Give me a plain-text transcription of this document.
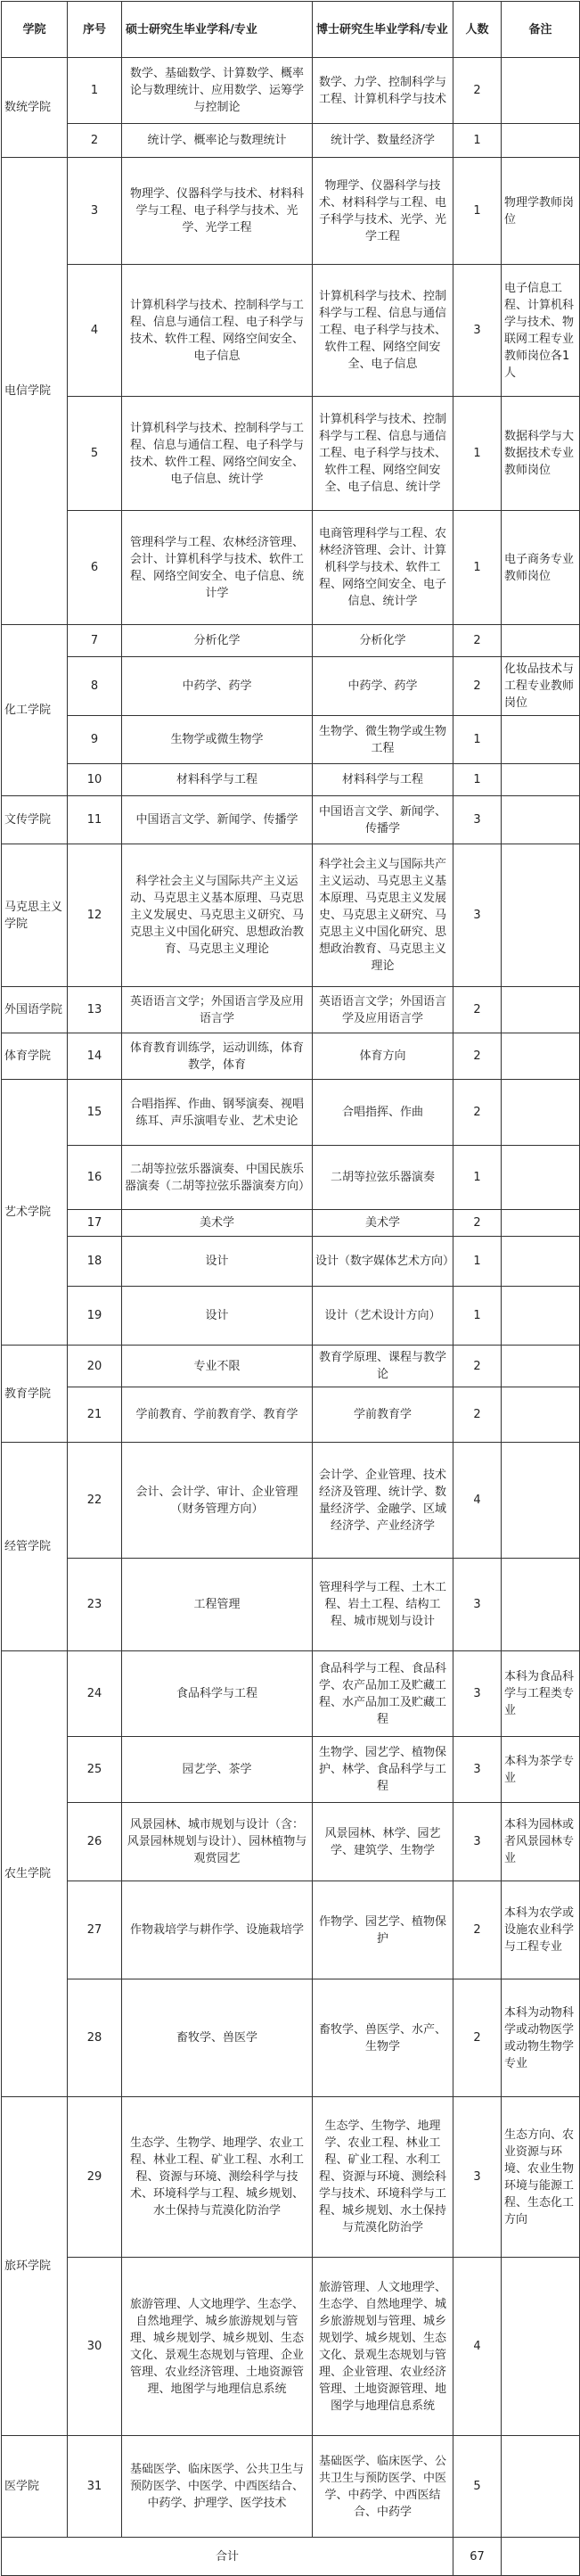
学院	序号	硕士研究生毕业学科/专业	博士研究生毕业学科/专业	人数	备注
数统学院	1	数学、基础数学、计算数学、概率论与数理统计、应用数学、运筹学与控制论	数学、力学、控制科学与工程、计算机科学与技术	2	
	2	统计学、概率论与数理统计	统计学、数量经济学	1	
电信学院	3	物理学、仪器科学与技术、材料科学与工程、电子科学与技术、光学、光学工程	物理学、仪器科学与技术、材料科学与工程、电子科学与技术、光学、光学工程	1	物理学教师岗位
	4	计算机科学与技术、控制科学与工程、信息与通信工程、电子科学与技术、软件工程、网络空间安全、电子信息	计算机科学与技术、控制科学与工程、信息与通信工程、电子科学与技术、软件工程、网络空间安全、电子信息	3	电子信息工程、计算机科学与技术、物联网工程专业教师岗位各1人
	5	计算机科学与技术、控制科学与工程、信息与通信工程、电子科学与技术、软件工程、网络空间安全、电子信息、统计学	计算机科学与技术、控制科学与工程、信息与通信工程、电子科学与技术、软件工程、网络空间安全、电子信息、统计学	1	数据科学与大数据技术专业教师岗位
	6	管理科学与工程、农林经济管理、会计、计算机科学与技术、软件工程、网络空间安全、电子信息、统计学	电商管理科学与工程、农林经济管理、会计、计算机科学与技术、软件工程、网络空间安全、电子信息、统计学	1	电子商务专业教师岗位
化工学院	7	分析化学	分析化学	2	
	8	中药学、药学	中药学、药学	2	化妆品技术与工程专业教师岗位
	9	生物学或微生物学	生物学、微生物学或生物工程	1	
	10	材料科学与工程	材料科学与工程	1	
文传学院	11	中国语言文学、新闻学、传播学	中国语言文学、新闻学、传播学	3	
马克思主义学院	12	科学社会主义与国际共产主义运动、马克思主义基本原理、马克思主义发展史、马克思主义研究、马克思主义中国化研究、思想政治教育、马克思主义理论	科学社会主义与国际共产主义运动、马克思主义基本原理、马克思主义发展史、马克思主义研究、马克思主义中国化研究、思想政治教育、马克思主义理论	3	
外国语学院	13	英语语言文学；外国语言学及应用语言学	英语语言文学；外国语言学及应用语言学	2	
体育学院	14	体育教育训练学，运动训练，体育教学，体育	体育方向	2	
艺术学院	15	合唱指挥、作曲、钢琴演奏、视唱练耳、声乐演唱专业、艺术史论	合唱指挥、作曲	2	
	16	二胡等拉弦乐器演奏、中国民族乐器演奏（二胡等拉弦乐器演奏方向）	二胡等拉弦乐器演奏	1	
	17	美术学	美术学	2	
	18	设计	设计（数字媒体艺术方向）	1	
	19	设计	设计（艺术设计方向）	1	
教育学院	20	专业不限	教育学原理、课程与教学论	2	
	21	学前教育、学前教育学、教育学	学前教育学	2	
经管学院	22	会计、会计学、审计、企业管理（财务管理方向）	会计学、企业管理、技术经济及管理、统计学、数量经济学、金融学、区域经济学、产业经济学	4	
	23	工程管理	管理科学与工程、土木工程、岩土工程、结构工程、城市规划与设计	3	
农生学院	24	食品科学与工程	食品科学与工程、食品科学、农产品加工及贮藏工程、水产品加工及贮藏工程	3	本科为食品科学与工程类专业
	25	园艺学、茶学	生物学、园艺学、植物保护、林学、食品科学与工程	3	本科为茶学专业
	26	风景园林、城市规划与设计（含：风景园林规划与设计）、园林植物与观赏园艺	风景园林、林学、园艺学、建筑学、生物学	3	本科为园林或者风景园林专业
	27	作物栽培学与耕作学、设施栽培学	作物学、园艺学、植物保护	2	本科为农学或设施农业科学与工程专业
	28	畜牧学、兽医学	畜牧学、兽医学、水产、生物学	2	本科为动物科学或动物医学或动物生物学专业
旅环学院	29	生态学、生物学、地理学、农业工程、林业工程、矿业工程、水利工程、资源与环境、测绘科学与技术、环境科学与工程、城乡规划、水土保持与荒漠化防治学	生态学、生物学、地理学、农业工程、林业工程、矿业工程、水利工程、资源与环境、测绘科学与技术、环境科学与工程、城乡规划、水土保持与荒漠化防治学	3	生态方向、农业资源与环境、农业生物环境与能源工程、生态化工方向
	30	旅游管理、人文地理学、生态学、自然地理学、城乡旅游规划与管理、城乡规划学、城乡规划、生态文化、景观生态规划与管理、企业管理、农业经济管理、土地资源管理、地图学与地理信息系统	旅游管理、人文地理学、生态学、自然地理学、城乡旅游规划与管理、城乡规划学、城乡规划、生态文化、景观生态规划与管理、企业管理、农业经济管理、土地资源管理、地图学与地理信息系统	4	
医学院	31	基础医学、临床医学、公共卫生与预防医学、中医学、中西医结合、中药学、护理学、医学技术	基础医学、临床医学、公共卫生与预防医学、中医学、中药学、中西医结合、中药学	5	
合计				67	
